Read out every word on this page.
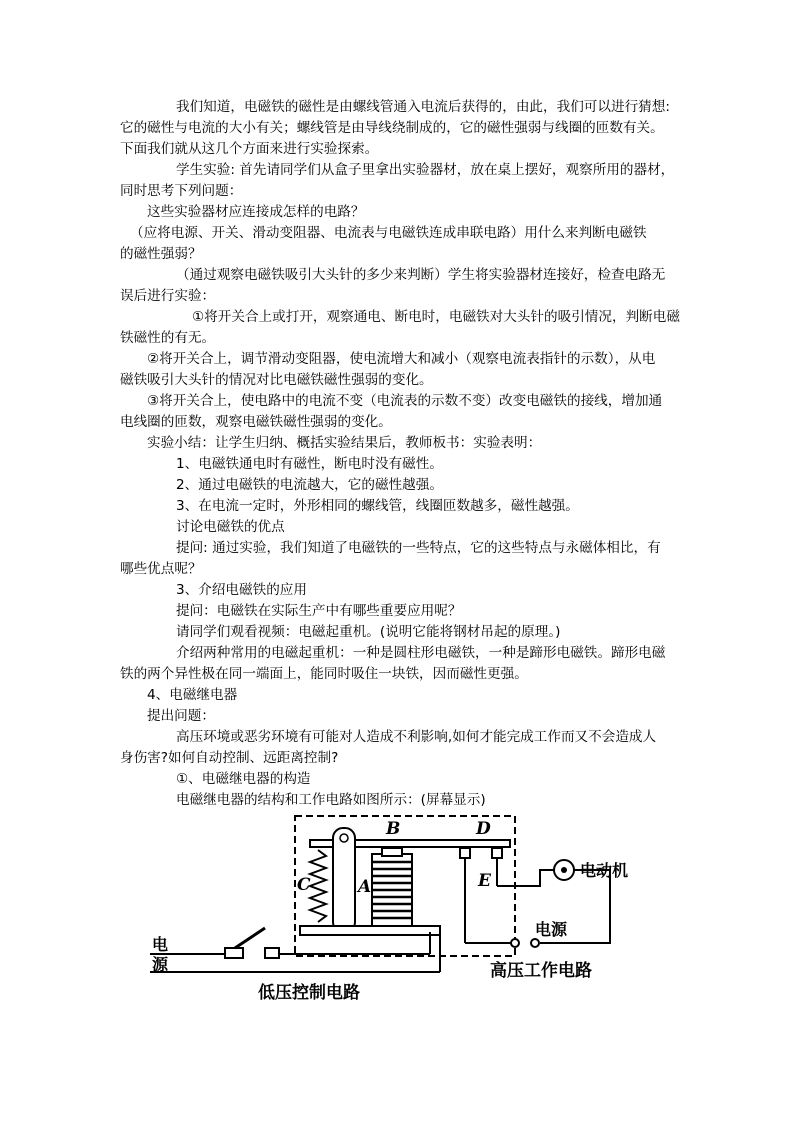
我们知道，电磁铁的磁性是由螺线管通入电流后获得的，由此，我们可以进行猜想:
它的磁性与电流的大小有关；螺线管是由导线绕制成的，它的磁性强弱与线圈的匝数有关。
下面我们就从这几个方面来进行实验探索。
学生实验: 首先请同学们从盒子里拿出实验器材，放在桌上摆好，观察所用的器材，
同时思考下列问题：
这些实验器材应连接成怎样的电路？
（应将电源、开关、滑动变阻器、电流表与电磁铁连成串联电路）用什么来判断电磁铁
的磁性强弱？
（通过观察电磁铁吸引大头针的多少来判断）学生将实验器材连接好，检查电路无
误后进行实验：
①将开关合上或打开，观察通电、断电时，电磁铁对大头针的吸引情况，判断电磁
铁磁性的有无。
②将开关合上，调节滑动变阻器，使电流增大和减小（观察电流表指针的示数），从电
磁铁吸引大头针的情况对比电磁铁磁性强弱的变化。
③将开关合上，使电路中的电流不变（电流表的示数不变）改变电磁铁的接线，增加通
电线圈的匝数，观察电磁铁磁性强弱的变化。
实验小结：让学生归纳、概括实验结果后，教师板书：实验表明：
1、电磁铁通电时有磁性，断电时没有磁性。
2、通过电磁铁的电流越大，它的磁性越强。
3、在电流一定时，外形相同的螺线管，线圈匝数越多，磁性越强。
讨论电磁铁的优点
提问: 通过实验，我们知道了电磁铁的一些特点，它的这些特点与永磁体相比，有
哪些优点呢？
3、介绍电磁铁的应用
提问：电磁铁在实际生产中有哪些重要应用呢？
请同学们观看视频：电磁起重机。(说明它能将钢材吊起的原理。)
介绍两种常用的电磁起重机：一种是圆柱形电磁铁，一种是蹄形电磁铁。蹄形电磁
铁的两个异性极在同一端面上，能同时吸住一块铁，因而磁性更强。
4、电磁继电器
提出问题：
高压环境或恶劣环境有可能对人造成不利影响,如何才能完成工作而又不会造成人
身伤害?如何自动控制、远距离控制?
①、电磁继电器的构造
电磁继电器的结构和工作电路如图所示：(屏幕显示)
B	D
C	A	E
电动机
电
源
电源
高压工作电路
低压控制电路
